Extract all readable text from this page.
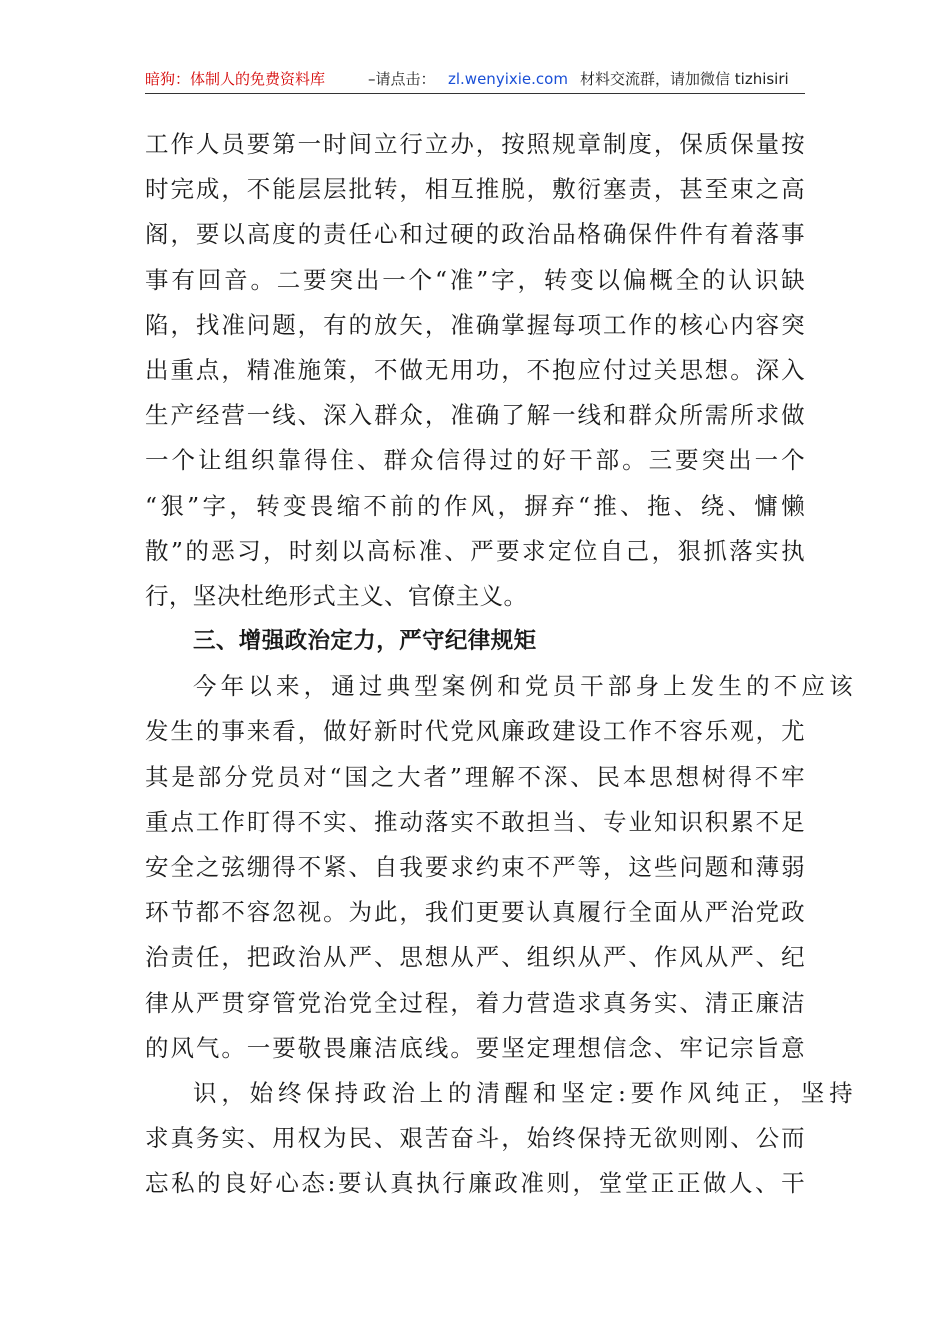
暗狗：体制人的免费资料库	–请点击： zl.wenyixie.com 材料交流群，请加微信 tizhisiri
工作人员要第一时间立行立办，按照规章制度，保质保量按
时完成，不能层层批转，相互推脱，敷衍塞责，甚至束之高
阁，要以高度的责任心和过硬的政治品格确保件件有着落事
事有回音。二要突出一个“准”字，转变以偏概全的认识缺
陷，找准问题，有的放矢，准确掌握每项工作的核心内容突
出重点，精准施策，不做无用功，不抱应付过关思想。深入
生产经营一线、深入群众，准确了解一线和群众所需所求做
一个让组织靠得住、群众信得过的好干部。三要突出一个
“狠”字，转变畏缩不前的作风，摒弃“推、拖、绕、慵懒
散”的恶习，时刻以高标准、严要求定位自己，狠抓落实执
行，坚决杜绝形式主义、官僚主义。
三、增强政治定力，严守纪律规矩
今年以来，通过典型案例和党员干部身上发生的不应该
发生的事来看，做好新时代党风廉政建设工作不容乐观，尤
其是部分党员对“国之大者”理解不深、民本思想树得不牢
重点工作盯得不实、推动落实不敢担当、专业知识积累不足
安全之弦绷得不紧、自我要求约束不严等，这些问题和薄弱
环节都不容忽视。为此，我们更要认真履行全面从严治党政
治责任，把政治从严、思想从严、组织从严、作风从严、纪
律从严贯穿管党治党全过程，着力营造求真务实、清正廉洁
的风气。一要敬畏廉洁底线。要坚定理想信念、牢记宗旨意
识，始终保持政治上的清醒和坚定:要作风纯正，坚持
求真务实、用权为民、艰苦奋斗，始终保持无欲则刚、公而
忘私的良好心态:要认真执行廉政准则，堂堂正正做人、干
